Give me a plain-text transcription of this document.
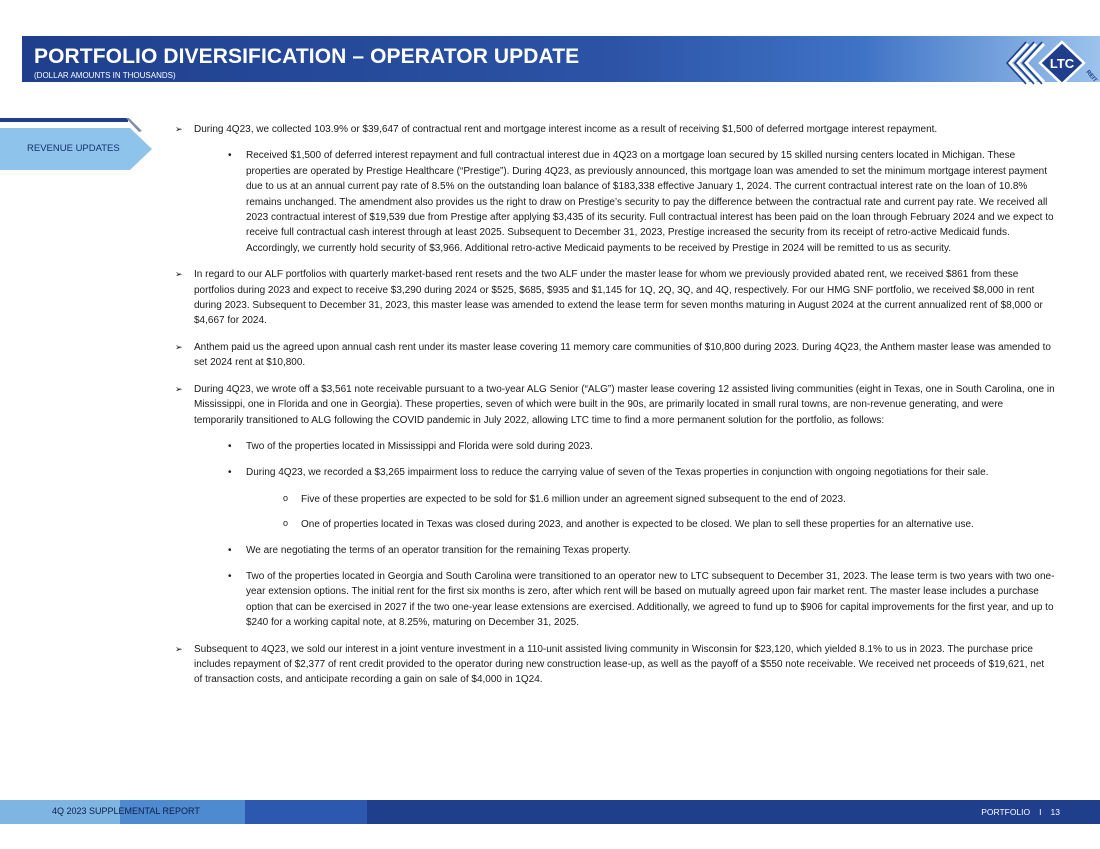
PORTFOLIO DIVERSIFICATION – OPERATOR UPDATE
(DOLLAR AMOUNTS IN THOUSANDS)
LTC
REIT
REVENUE UPDATES
➢ During 4Q23, we collected 103.9% or $39,647 of contractual rent and mortgage interest income as a result of receiving $1,500 of deferred mortgage interest repayment.
• Received $1,500 of deferred interest repayment and full contractual interest due in 4Q23 on a mortgage loan secured by 15 skilled nursing centers located in Michigan. These properties are operated by Prestige Healthcare (“Prestige”). During 4Q23, as previously announced, this mortgage loan was amended to set the minimum mortgage interest payment due to us at an annual current pay rate of 8.5% on the outstanding loan balance of $183,338 effective January 1, 2024. The current contractual interest rate on the loan of 10.8% remains unchanged. The amendment also provides us the right to draw on Prestige’s security to pay the difference between the contractual rate and current pay rate. We received all 2023 contractual interest of $19,539 due from Prestige after applying $3,435 of its security. Full contractual interest has been paid on the loan through February 2024 and we expect to receive full contractual cash interest through at least 2025. Subsequent to December 31, 2023, Prestige increased the security from its receipt of retro-active Medicaid funds. Accordingly, we currently hold security of $3,966. Additional retro-active Medicaid payments to be received by Prestige in 2024 will be remitted to us as security.
➢ In regard to our ALF portfolios with quarterly market-based rent resets and the two ALF under the master lease for whom we previously provided abated rent, we received $861 from these portfolios during 2023 and expect to receive $3,290 during 2024 or $525, $685, $935 and $1,145 for 1Q, 2Q, 3Q, and 4Q, respectively. For our HMG SNF portfolio, we received $8,000 in rent during 2023. Subsequent to December 31, 2023, this master lease was amended to extend the lease term for seven months maturing in August 2024 at the current annualized rent of $8,000 or $4,667 for 2024.
➢ Anthem paid us the agreed upon annual cash rent under its master lease covering 11 memory care communities of $10,800 during 2023. During 4Q23, the Anthem master lease was amended to set 2024 rent at $10,800.
➢ During 4Q23, we wrote off a $3,561 note receivable pursuant to a two-year ALG Senior (“ALG”) master lease covering 12 assisted living communities (eight in Texas, one in South Carolina, one in Mississippi, one in Florida and one in Georgia). These properties, seven of which were built in the 90s, are primarily located in small rural towns, are non-revenue generating, and were temporarily transitioned to ALG following the COVID pandemic in July 2022, allowing LTC time to find a more permanent solution for the portfolio, as follows:
• Two of the properties located in Mississippi and Florida were sold during 2023.
• During 4Q23, we recorded a $3,265 impairment loss to reduce the carrying value of seven of the Texas properties in conjunction with ongoing negotiations for their sale.
o Five of these properties are expected to be sold for $1.6 million under an agreement signed subsequent to the end of 2023.
o One of properties located in Texas was closed during 2023, and another is expected to be closed. We plan to sell these properties for an alternative use.
• We are negotiating the terms of an operator transition for the remaining Texas property.
• Two of the properties located in Georgia and South Carolina were transitioned to an operator new to LTC subsequent to December 31, 2023. The lease term is two years with two one-year extension options. The initial rent for the first six months is zero, after which rent will be based on mutually agreed upon fair market rent. The master lease includes a purchase option that can be exercised in 2027 if the two one-year lease extensions are exercised. Additionally, we agreed to fund up to $906 for capital improvements for the first year, and up to $240 for a working capital note, at 8.25%, maturing on December 31, 2025.
➢ Subsequent to 4Q23, we sold our interest in a joint venture investment in a 110-unit assisted living community in Wisconsin for $23,120, which yielded 8.1% to us in 2023. The purchase price includes repayment of $2,377 of rent credit provided to the operator during new construction lease-up, as well as the payoff of a $550 note receivable. We received net proceeds of $19,621, net of transaction costs, and anticipate recording a gain on sale of $4,000 in 1Q24.
4Q 2023 SUPPLEMENTAL REPORT	PORTFOLIO I 13
